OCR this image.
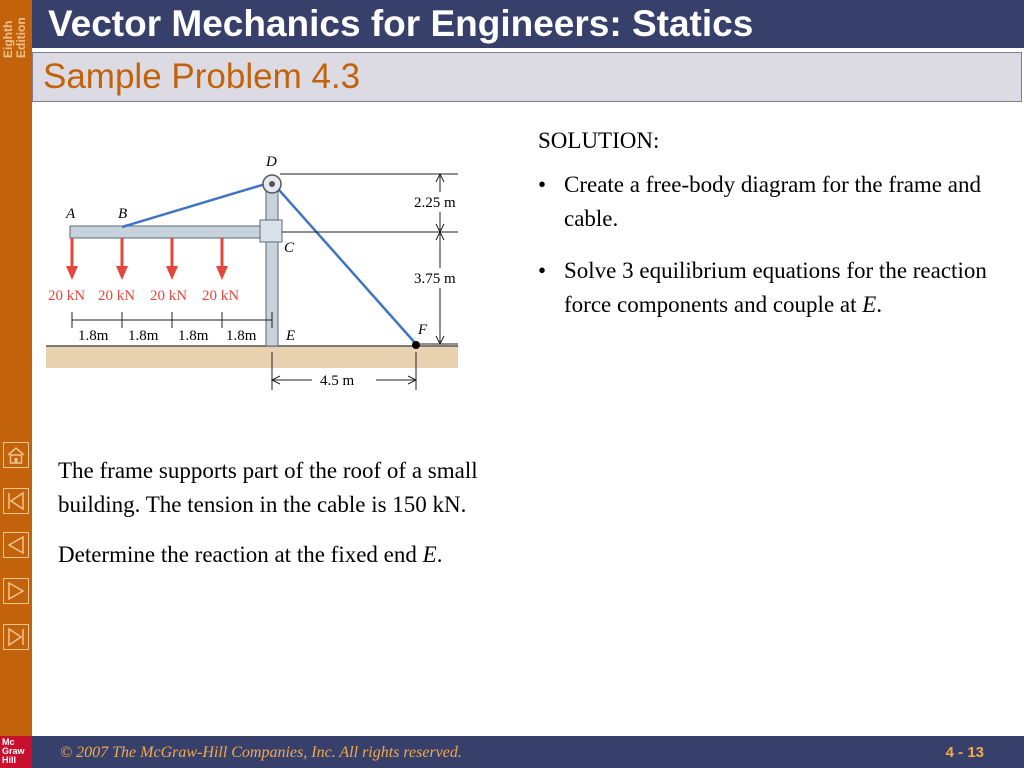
Eighth Edition
Mc
Graw
Hill
Vector Mechanics for Engineers: Statics
Sample Problem 4.3
20 kN 20 kN 20 kN 20 kN
A	B
C
D
E	F
1.8m 1.8m 1.8m 1.8m
2.25 m
3.75 m
4.5 m

The frame supports part of the roof of a small building. The tension in the cable is 150 kN.

Determine the reaction at the fixed end E.

SOLUTION:
• Create a free-body diagram for the frame and cable.
• Solve 3 equilibrium equations for the reaction force components and couple at E.
© 2007 The McGraw-Hill Companies, Inc. All rights reserved.	4 - 13
